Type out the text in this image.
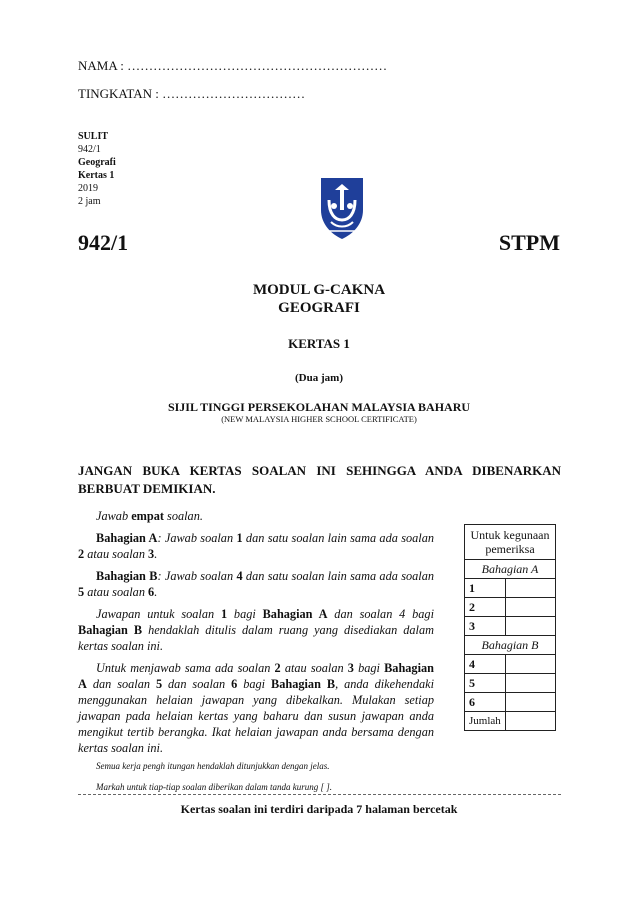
NAMA : ……………………………………………………
TINGKATAN : ……………………………
SULIT
942/1
Geografi
Kertas 1
2019
2 jam
942/1	STPM
MODUL G-CAKNA
GEOGRAFI
KERTAS 1
(Dua jam)
SIJIL TINGGI PERSEKOLAHAN MALAYSIA BAHARU
(NEW MALAYSIA HIGHER SCHOOL CERTIFICATE)
JANGAN BUKA KERTAS SOALAN INI SEHINGGA ANDA DIBENARKAN
BERBUAT DEMIKIAN.

Jawab empat soalan.

Bahagian A: Jawab soalan 1 dan satu soalan lain sama ada soalan 2 atau soalan 3.

Bahagian B: Jawab soalan 4 dan satu soalan lain sama ada soalan 5 atau soalan 6.

Jawapan untuk soalan 1 bagi Bahagian A dan soalan 4 bagi Bahagian B hendaklah ditulis dalam ruang yang disediakan dalam kertas soalan ini.

Untuk menjawab sama ada soalan 2 atau soalan 3 bagi Bahagian A dan soalan 5 dan soalan 6 bagi Bahagian B, anda dikehendaki menggunakan helaian jawapan yang dibekalkan. Mulakan setiap jawapan pada helaian kertas yang baharu dan susun jawapan anda mengikut tertib berangka. Ikat helaian jawapan anda bersama dengan kertas soalan ini.

Semua kerja pengh itungan hendaklah ditunjukkan dengan jelas.
Markah untuk tiap-tiap soalan diberikan dalam tanda kurung [ ].
Untuk kegunaan pemeriksa	
Bahagian A	
1	
2	
3	
Bahagian B	
4	
5	
6	
Jumlah	
Kertas soalan ini terdiri daripada 7 halaman bercetak
